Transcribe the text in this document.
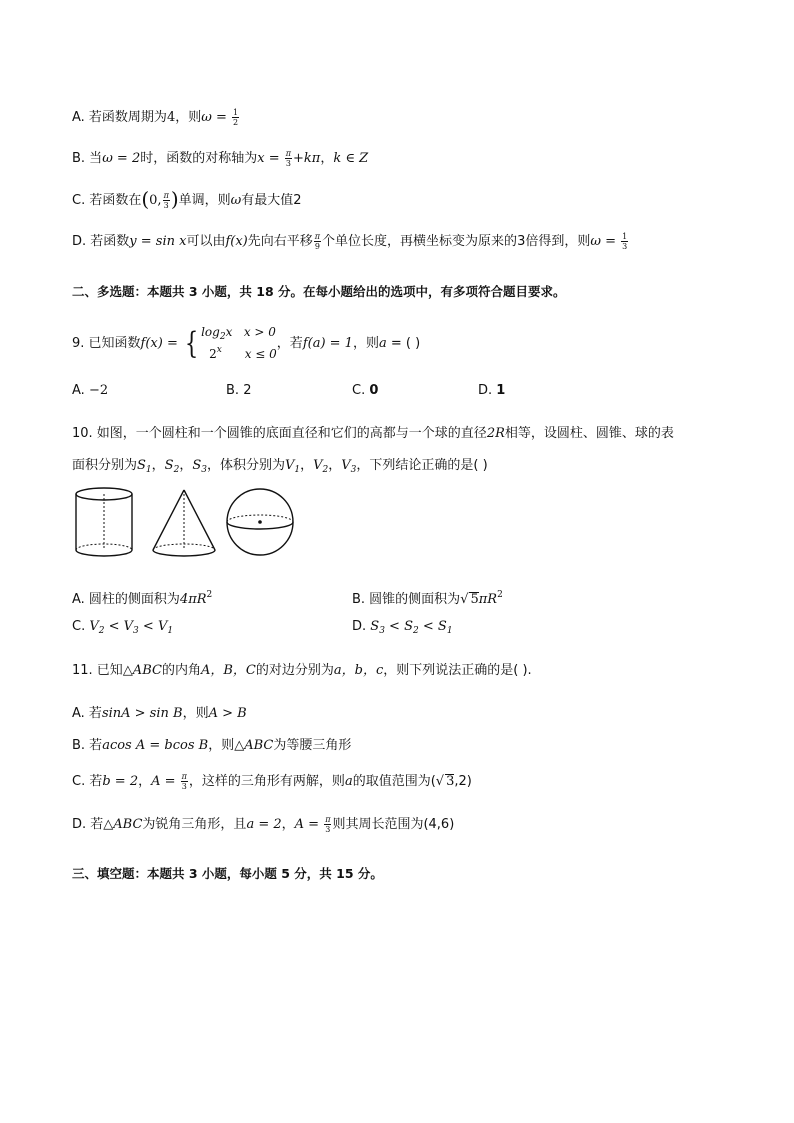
A. 若函数周期为4，则$\omega = \frac{1}{2}$
B. 当ω = 2时，函数的对称轴为$x = \frac{\pi}{3} +k\pi$，k ∈ Z
C. 若函数在(0, $\frac{\pi}{3}$ )单调，则ω有最大值2
D. 若函数y = sin x可以由f(x)先向右平移 $\frac{\pi}{9}$ 个单位长度，再横坐标变为原来的3倍得到，则$\omega = \frac{1}{3}$
二、多选题：本题共 3 小题，共 18 分。在每小题给出的选项中，有多项符合题目要求。
9. 已知函数f(x) = { $\log_2x$ x > 0
2$^x$ x ≤ 0
，若f(a) = 1，则a = ( )
A. −2	B. 2	C. 0	D. 1
10. 如图，一个圆柱和一个圆锥的底面直径和它们的高都与一个球的直径2R相等，设圆柱、圆锥、球的表
面积分别为$S_1$，$S_2$，$S_3$，体积分别为$V_1$，$V_2$，$V_3$，下列结论正确的是( )
A. 圆柱的侧面积为$4\pi R^2$	B. 圆锥的侧面积为√ $5\pi R^2$
C. $V_2 < V_3 < V_1$	D. $S_3 < S_2 < S_1$
11. 已知△ABC的内角A，B，C的对边分别为a，b，c，则下列说法正确的是( ).
A. 若sinA > sin B，则A > B
B. 若acos A = bcos B，则△ABC为等腰三角形
C. 若b = 2，$A = \frac{\pi}{3}$ ，这样的三角形有两解，则a的取值范围为(√ 3,2)
D. 若△ABC为锐角三角形，且a = 2，$A = \frac{\pi}{3}$ 则其周长范围为(4,6)
三、填空题：本题共 3 小题，每小题 5 分，共 15 分。
